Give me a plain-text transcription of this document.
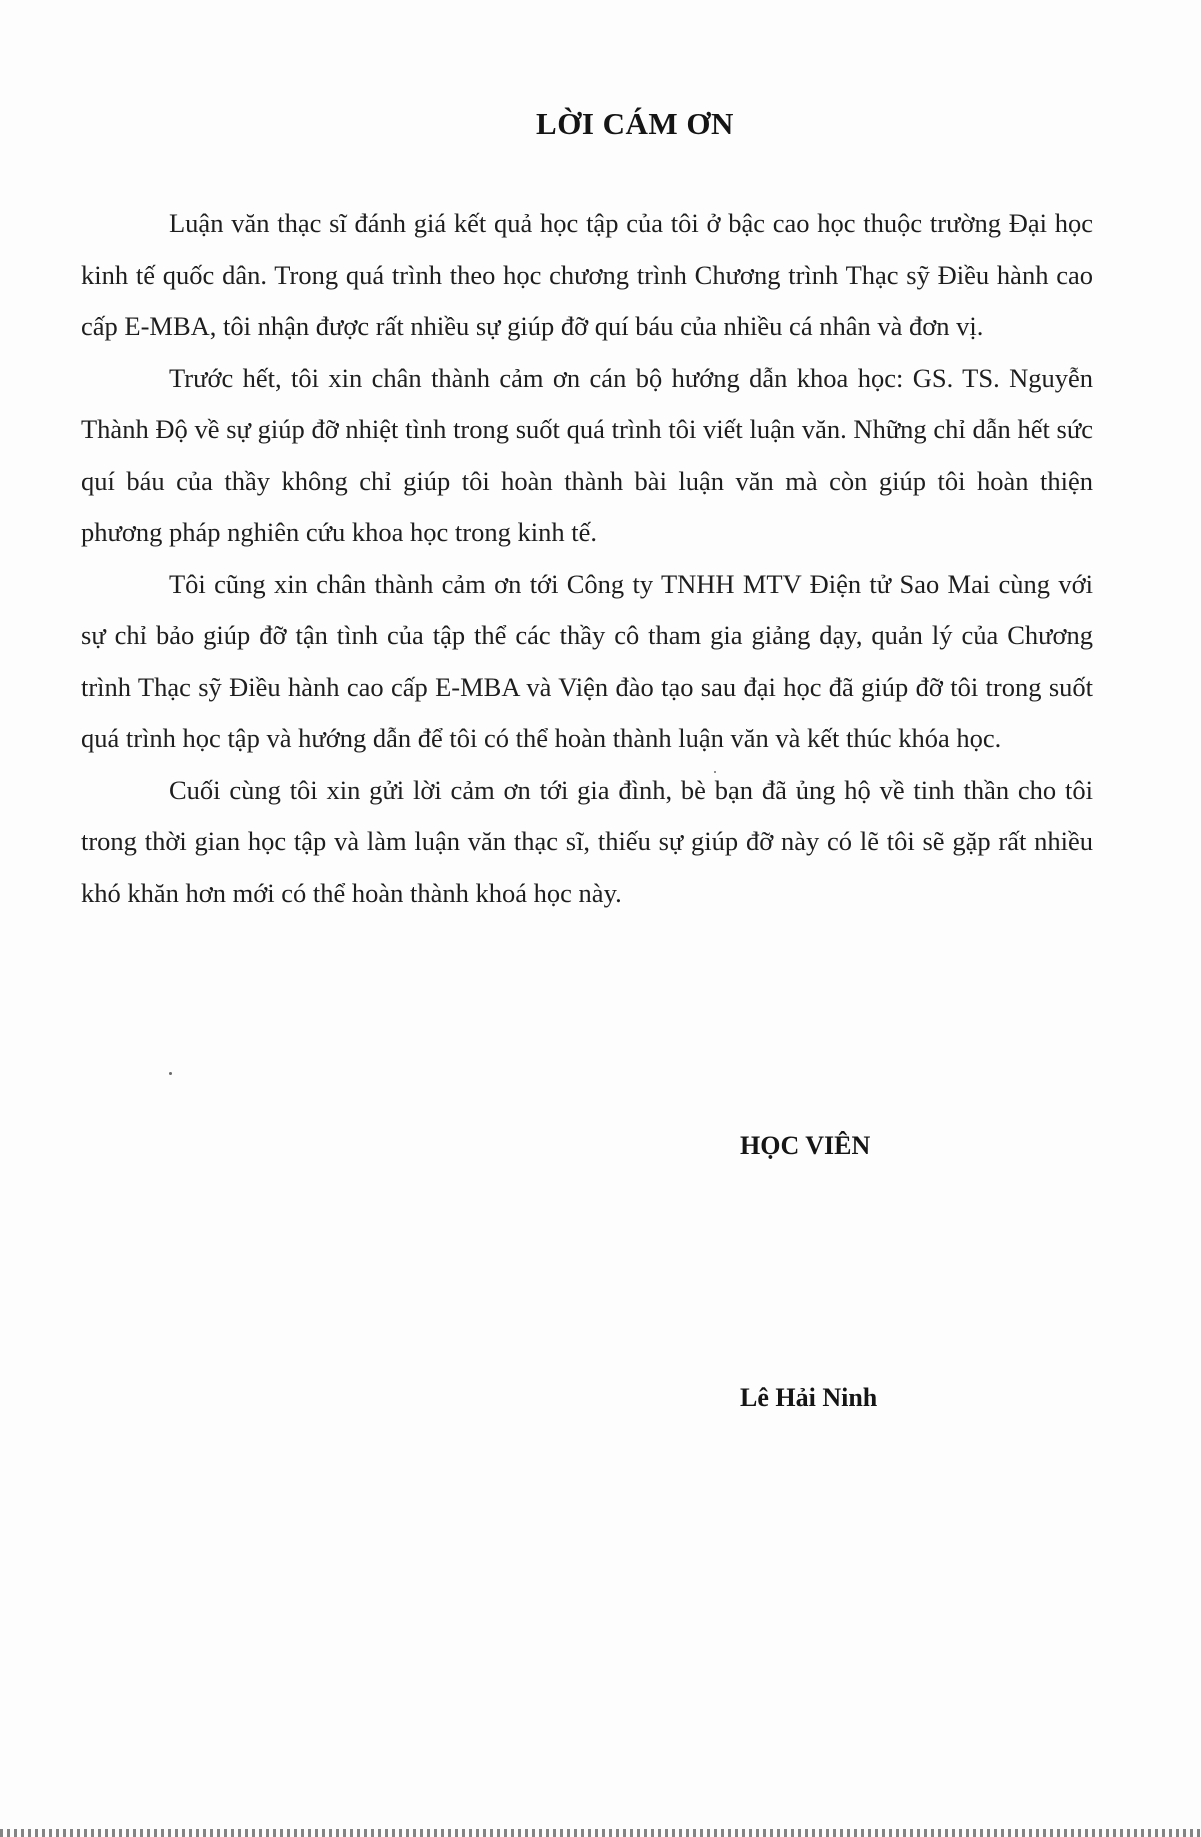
LỜI CÁM ƠN

Luận văn thạc sĩ đánh giá kết quả học tập của tôi ở bậc cao học thuộc trường Đại học kinh tế quốc dân. Trong quá trình theo học chương trình Chương trình Thạc sỹ Điều hành cao cấp E-MBA, tôi nhận được rất nhiều sự giúp đỡ quí báu của nhiều cá nhân và đơn vị.

Trước hết, tôi xin chân thành cảm ơn cán bộ hướng dẫn khoa học: GS. TS. Nguyễn Thành Độ về sự giúp đỡ nhiệt tình trong suốt quá trình tôi viết luận văn. Những chỉ dẫn hết sức quí báu của thầy không chỉ giúp tôi hoàn thành bài luận văn mà còn giúp tôi hoàn thiện phương pháp nghiên cứu khoa học trong kinh tế.

Tôi cũng xin chân thành cảm ơn tới Công ty TNHH MTV Điện tử Sao Mai cùng với sự chỉ bảo giúp đỡ tận tình của tập thể các thầy cô tham gia giảng dạy, quản lý của Chương trình Thạc sỹ Điều hành cao cấp E-MBA và Viện đào tạo sau đại học đã giúp đỡ tôi trong suốt quá trình học tập và hướng dẫn để tôi có thể hoàn thành luận văn và kết thúc khóa học.

Cuối cùng tôi xin gửi lời cảm ơn tới gia đình, bè bạn đã ủng hộ về tinh thần cho tôi trong thời gian học tập và làm luận văn thạc sĩ, thiếu sự giúp đỡ này có lẽ tôi sẽ gặp rất nhiều khó khăn hơn mới có thể hoàn thành khoá học này.

HỌC VIÊN
Lê Hải Ninh
